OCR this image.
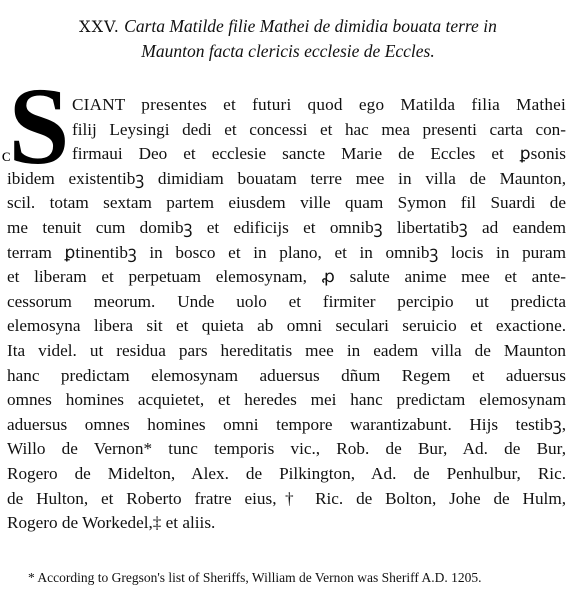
XXV. Carta Matilde filie Mathei de dimidia bouata terre in
Maunton facta clericis ecclesie de Eccles.
S
ᴄ
CIANT presentes et futuri quod ego Matilda filia Mathei
filij Leysingi dedi et concessi et hac mea presenti carta con-
firmaui Deo et ecclesie sancte Marie de Eccles et ꝑsonis
ibidem existentibꝫ dimidiam bouatam terre mee in villa de Maunton,
scil. totam sextam partem eiusdem ville quam Symon fil Suardi de
me tenuit cum domibꝫ et edificijs et omnibꝫ libertatibꝫ ad eandem
terram ꝑtinentibꝫ in bosco et in plano, et in omnibꝫ locis in puram
et liberam et perpetuam elemosynam, ꝓ salute anime mee et ante-
cessorum meorum. Unde uolo et firmiter percipio ut predicta
elemosyna libera sit et quieta ab omni seculari seruicio et exactione.
Ita videl. ut residua pars hereditatis mee in eadem villa de Maunton
hanc predictam elemosynam aduersus dñum Regem et aduersus
omnes homines acquietet, et heredes mei hanc predictam elemosynam
aduersus omnes homines omni tempore warantizabunt. Hijs testibꝫ,
Willo de Vernon* tunc temporis vic., Rob. de Bur, Ad. de Bur,
Rogero de Midelton, Alex. de Pilkington, Ad. de Penhulbur, Ric.
de Hulton, et Roberto fratre eius,† Ric. de Bolton, Johe de Hulm,
Rogero de Workedel,‡ et aliis.
* According to Gregson's list of Sheriffs, William de Vernon was Sheriff A.D. 1205.
